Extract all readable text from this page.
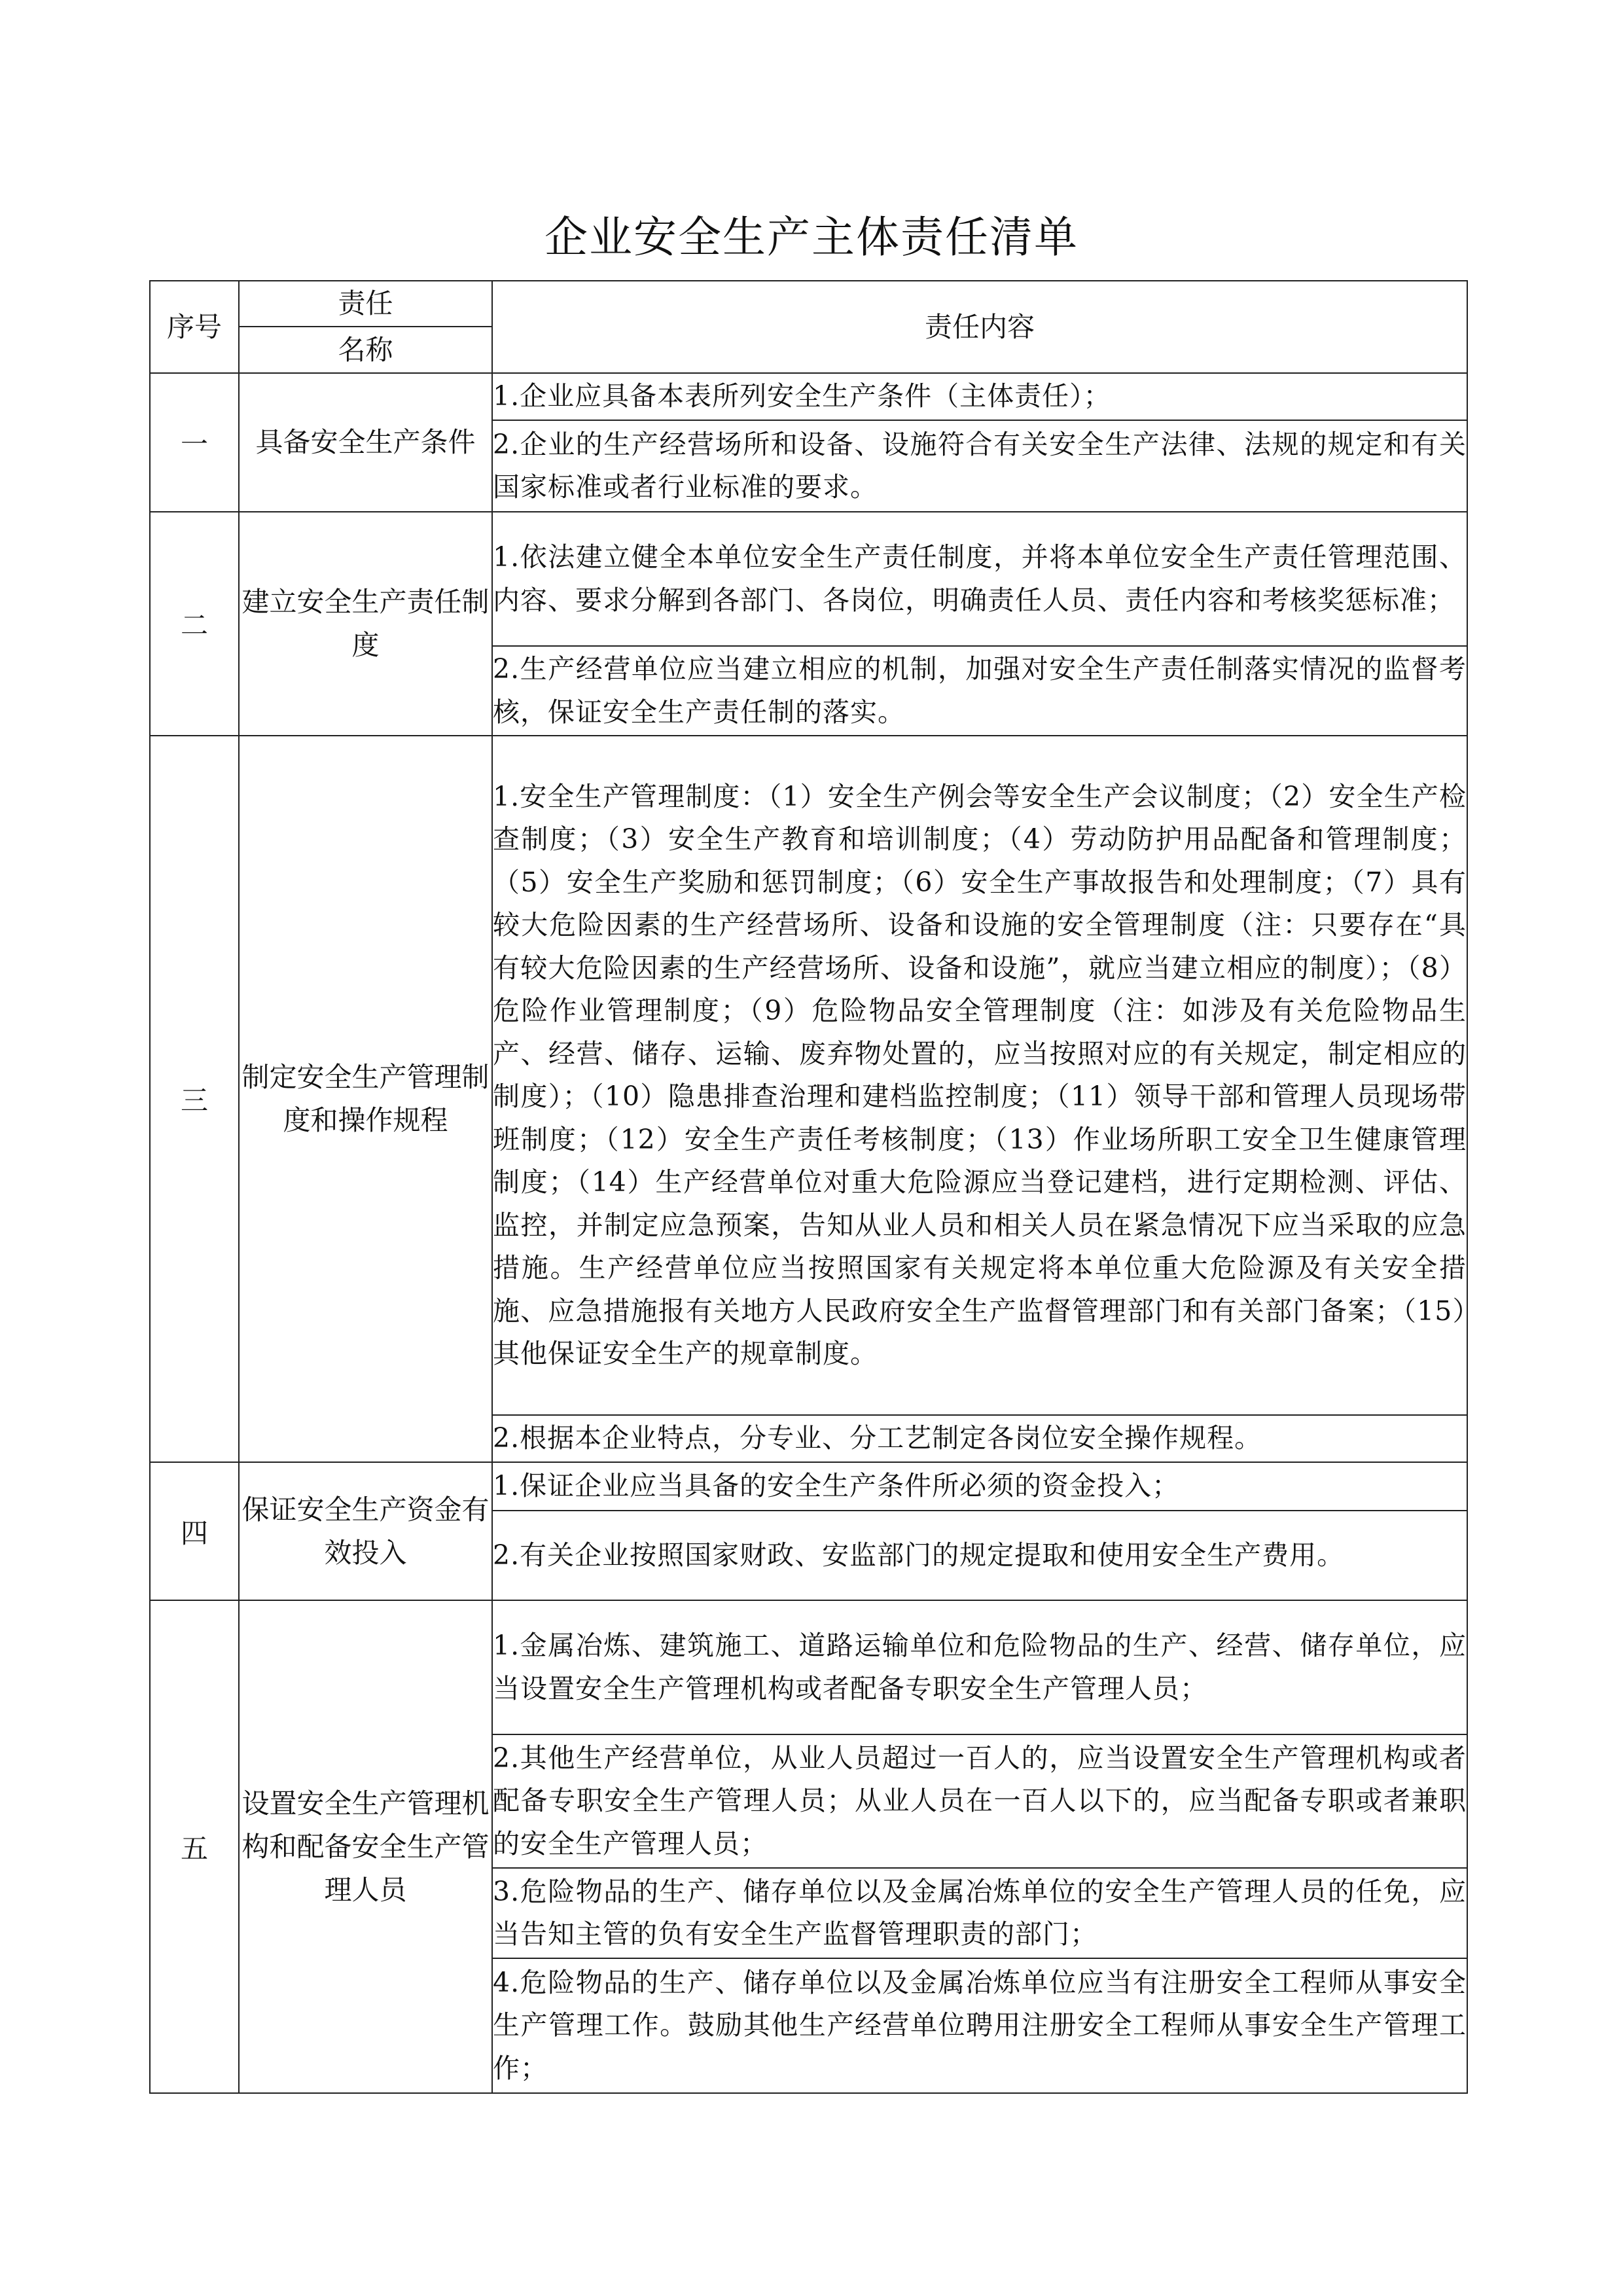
企业安全生产主体责任清单
序号	责任	责任内容
	名称	
一	具备安全生产条件	1.企业应具备本表所列安全生产条件（主体责任）；
		2.企业的生产经营场所和设备、设施符合有关安全生产法律、法规的规定和有关国家标准或者行业标准的要求。
二	建立安全生产责任制度	1.依法建立健全本单位安全生产责任制度，并将本单位安全生产责任管理范围、内容、要求分解到各部门、各岗位，明确责任人员、责任内容和考核奖惩标准；
		2.生产经营单位应当建立相应的机制，加强对安全生产责任制落实情况的监督考核，保证安全生产责任制的落实。
三	制定安全生产管理制度和操作规程	1.安全生产管理制度：（1）安全生产例会等安全生产会议制度；（2）安全生产检查制度；（3）安全生产教育和培训制度；（4）劳动防护用品配备和管理制度；（5）安全生产奖励和惩罚制度；（6）安全生产事故报告和处理制度；（7）具有较大危险因素的生产经营场所、设备和设施的安全管理制度（注：只要存在“具有较大危险因素的生产经营场所、设备和设施”，就应当建立相应的制度）；（8）危险作业管理制度；（9）危险物品安全管理制度（注：如涉及有关危险物品生产、经营、储存、运输、废弃物处置的，应当按照对应的有关规定，制定相应的制度）；（10）隐患排查治理和建档监控制度；（11）领导干部和管理人员现场带班制度；（12）安全生产责任考核制度；（13）作业场所职工安全卫生健康管理制度；（14）生产经营单位对重大危险源应当登记建档，进行定期检测、评估、监控，并制定应急预案，告知从业人员和相关人员在紧急情况下应当采取的应急措施。生产经营单位应当按照国家有关规定将本单位重大危险源及有关安全措施、应急措施报有关地方人民政府安全生产监督管理部门和有关部门备案；（15）其他保证安全生产的规章制度。
		2.根据本企业特点，分专业、分工艺制定各岗位安全操作规程。
四	保证安全生产资金有效投入	1.保证企业应当具备的安全生产条件所必须的资金投入；
		2.有关企业按照国家财政、安监部门的规定提取和使用安全生产费用。
五	设置安全生产管理机构和配备安全生产管理人员	1.金属冶炼、建筑施工、道路运输单位和危险物品的生产、经营、储存单位，应当设置安全生产管理机构或者配备专职安全生产管理人员；
		2.其他生产经营单位，从业人员超过一百人的，应当设置安全生产管理机构或者配备专职安全生产管理人员；从业人员在一百人以下的，应当配备专职或者兼职的安全生产管理人员；
		3.危险物品的生产、储存单位以及金属冶炼单位的安全生产管理人员的任免，应当告知主管的负有安全生产监督管理职责的部门；
		4.危险物品的生产、储存单位以及金属冶炼单位应当有注册安全工程师从事安全生产管理工作。鼓励其他生产经营单位聘用注册安全工程师从事安全生产管理工作；
